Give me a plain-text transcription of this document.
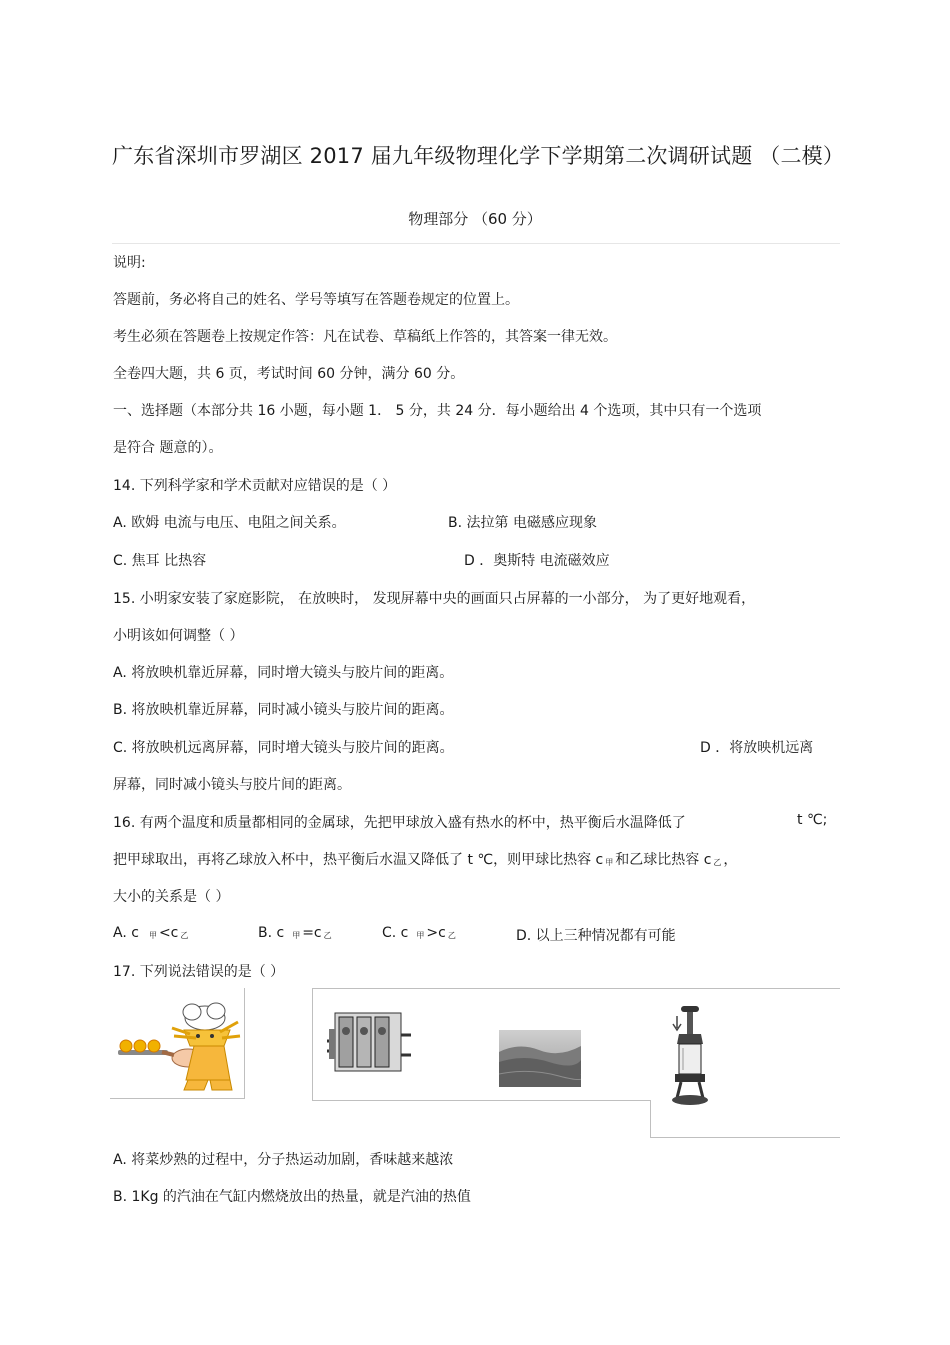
广东省深圳市罗湖区 2017 届九年级物理化学下学期第二次调研试题 （二模）
物理部分 （60 分）
说明:
答题前，务必将自己的姓名、学号等填写在答题卷规定的位置上。
考生必须在答题卷上按规定作答：凡在试卷、草稿纸上作答的，其答案一律无效。
全卷四大题，共 6 页，考试时间 60 分钟，满分 60 分。
一、选择题（本部分共 16 小题，每小题 1． 5 分，共 24 分．每小题给出 4 个选项，其中只有一个选项
是符合 题意的）。
14. 下列科学家和学术贡献对应错误的是（ ）
A. 欧姆 电流与电压、电阻之间关系。	B. 法拉第 电磁感应现象
C. 焦耳 比热容	D ．奥斯特 电流磁效应
15. 小明家安装了家庭影院， 在放映时， 发现屏幕中央的画面只占屏幕的一小部分， 为了更好地观看，
小明该如何调整（ ）
A. 将放映机靠近屏幕，同时增大镜头与胶片间的距离。
B. 将放映机靠近屏幕，同时减小镜头与胶片间的距离。
C. 将放映机远离屏幕，同时增大镜头与胶片间的距离。	D ．将放映机远离
屏幕，同时减小镜头与胶片间的距离。
16. 有两个温度和质量都相同的金属球，先把甲球放入盛有热水的杯中，热平衡后水温降低了	t ℃;
把甲球取出，再将乙球放入杯中，热平衡后水温又降低了 t ℃，则甲球比热容 c 甲 和乙球比热容 c 乙 ，
大小的关系是（ ）
A. c 甲 <c 乙	B. c 甲 =c 乙	C. c 甲 >c 乙	D. 以上三种情况都有可能
17. 下列说法错误的是（ ）
A. 将菜炒熟的过程中，分子热运动加剧，香味越来越浓
B. 1Kg 的汽油在气缸内燃烧放出的热量，就是汽油的热值
